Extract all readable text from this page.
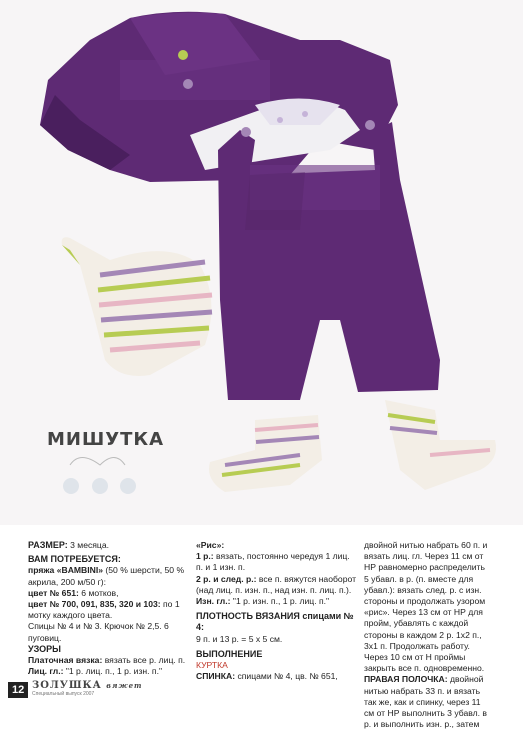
МИШУТКА

РАЗМЕР: 3 месяца.

ВАМ ПОТРЕБУЕТСЯ:

пряжа «BAMBINI» (50 % шерсти, 50 % акрила, 200 м/50 г):

цвет № 651: 6 мотков,

цвет № 700, 091, 835, 320 и 103: по 1 мотку каждого цвета.

Спицы № 4 и № 3. Крючок № 2,5. 6 пуговиц.

УЗОРЫ

Платочная вязка: вязать все р. лиц. п.

Лиц. гл.: "1 р. лиц. п., 1 р. изн. п."

«Рис»:

1 р.: вязать, постоянно чередуя 1 лиц. п. и 1 изн. п.

2 р. и след. р.: все п. вяжутся наоборот (над лиц. п. изн. п., над изн. п. лиц. п.).

Изн. гл.: "1 р. изн. п., 1 р. лиц. п."

ПЛОТНОСТЬ ВЯЗАНИЯ спицами № 4:

9 п. и 13 р. = 5 х 5 см.

ВЫПОЛНЕНИЕ

КУРТКА

СПИНКА: спицами № 4, цв. № 651,

двойной нитью набрать 60 п. и вязать лиц. гл. Через 11 см от НР равномерно распределить 5 убавл. в р. (п. вместе для убавл.): вязать след. р. с изн. стороны и продолжать узором «рис». Через 13 см от НР для пройм, убавлять с каждой стороны в каждом 2 р. 1х2 п., 3х1 п. Продолжать работу. Через 10 см от Н проймы закрыть все п. одновременно.

ПРАВАЯ ПОЛОЧКА: двойной нитью набрать 33 п. и вязать так же, как и спинку, через 11 см от НР выполнить 3 убавл. в р. и выполнить изн. р., затем

12 ЗОЛУШКА вяжет
Специальный выпуск 2007
